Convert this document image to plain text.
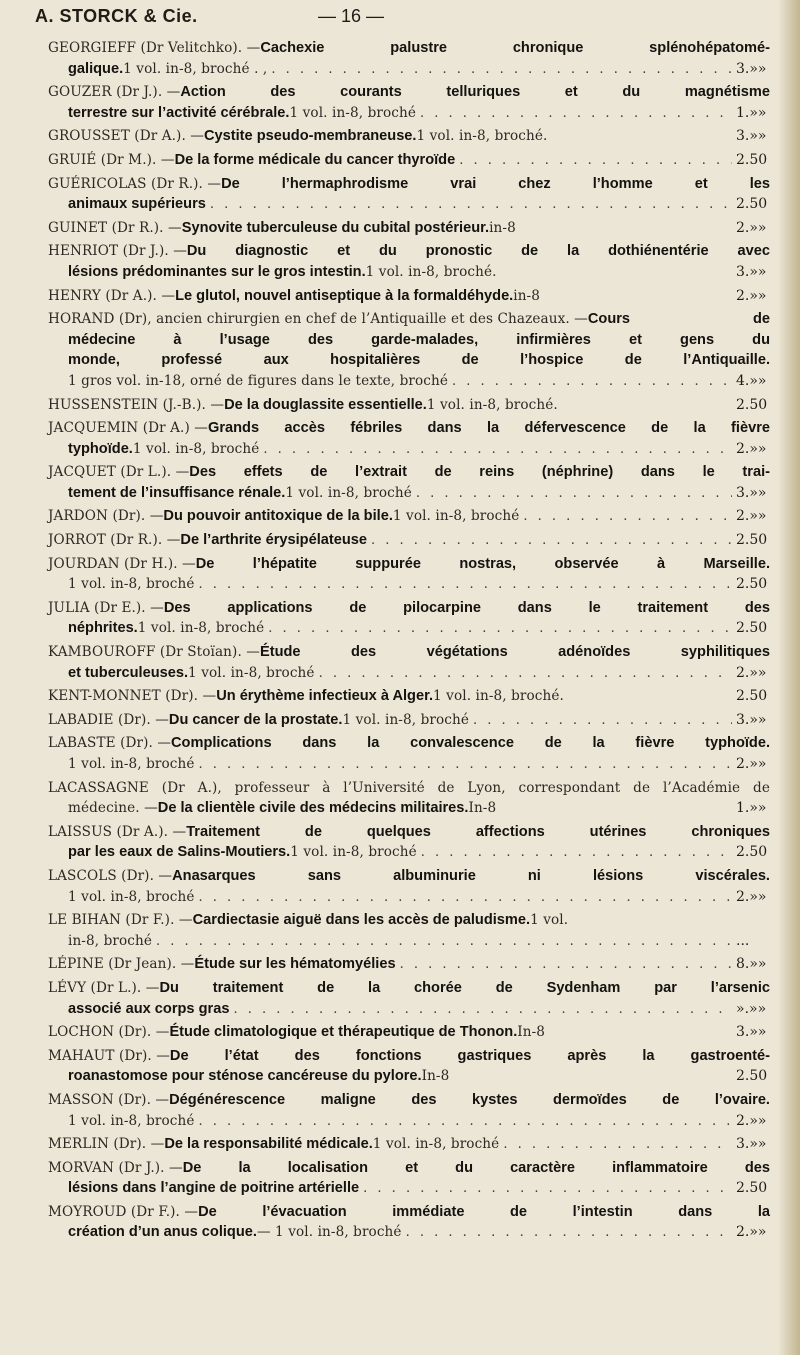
A. STORCK & Cie.	— 16 —
GEORGIEFF (Dr Velitchko). — Cachexie palustre chronique splénohépatomé-
galique. 1 vol. in-8, broché . , . . .	3.»»
GOUZER (Dr J.). — Action des courants telluriques et du magnétisme
terrestre sur l’activité cérébrale. 1 vol. in-8, broché . . .	1.»»
GROUSSET (Dr A.). — Cystite pseudo-membraneuse. 1 vol. in-8, broché.	3.»»
GRUIÉ (Dr M.). — De la forme médicale du cancer thyroïde . . .	2.50
GUÉRICOLAS (Dr R.). — De l’hermaphrodisme vrai chez l’homme et les
animaux supérieurs . . .	2.50
GUINET (Dr R.). — Synovite tuberculeuse du cubital postérieur. in-8	2.»»
HENRIOT (Dr J.). — Du diagnostic et du pronostic de la dothiénentérie avec
lésions prédominantes sur le gros intestin. 1 vol. in-8, broché.	3.»»
HENRY (Dr A.). — Le glutol, nouvel antiseptique à la formaldéhyde. in-8	2.»»
HORAND (Dr), ancien chirurgien en chef de l’Antiquaille et des Chazeaux. — Cours de
médecine à l’usage des garde-malades, infirmières et gens du
monde, professé aux hospitalières de l’hospice de l’Antiquaille.
1 gros vol. in-18, orné de figures dans le texte, broché . . .	4.»»
HUSSENSTEIN (J.-B.). — De la douglassite essentielle. 1 vol. in-8, broché.	2.50
JACQUEMIN (Dr A.) — Grands accès fébriles dans la défervescence de la fièvre
typhoïde. 1 vol. in-8, broché . . .	2.»»
JACQUET (Dr L.). — Des effets de l’extrait de reins (néphrine) dans le trai-
tement de l’insuffisance rénale. 1 vol. in-8, broché . . .	3.»»
JARDON (Dr). — Du pouvoir antitoxique de la bile. 1 vol. in-8, broché . . .	2.»»
JORROT (Dr R.). — De l’arthrite érysipélateuse . . .	2.50
JOURDAN (Dr H.). — De l’hépatite suppurée nostras, observée à Marseille.
1 vol. in-8, broché . . .	2.50
JULIA (Dr E.). — Des applications de pilocarpine dans le traitement des
néphrites. 1 vol. in-8, broché . . .	2.50
KAMBOUROFF (Dr Stoïan). — Étude des végétations adénoïdes syphilitiques
et tuberculeuses. 1 vol. in-8, broché . . .	2.»»
KENT-MONNET (Dr). — Un érythème infectieux à Alger. 1 vol. in-8, broché.	2.50
LABADIE (Dr). — Du cancer de la prostate. 1 vol. in-8, broché . . .	3.»»
LABASTE (Dr). — Complications dans la convalescence de la fièvre typhoïde.
1 vol. in-8, broché . . .	2.»»
LACASSAGNE (Dr A.), professeur à l’Université de Lyon, correspondant de l’Académie de
médecine. — De la clientèle civile des médecins militaires. In-8	1.»»
LAISSUS (Dr A.). — Traitement de quelques affections utérines chroniques
par les eaux de Salins-Moutiers. 1 vol. in-8, broché . . .	2.50
LASCOLS (Dr). — Anasarques sans albuminurie ni lésions viscérales.
1 vol. in-8, broché . . .	2.»»
LE BIHAN (Dr F.). — Cardiectasie aiguë dans les accès de paludisme. 1 vol.
in-8, broché . . .	...
LÉPINE (Dr Jean). — Étude sur les hématomyélies . . .	8.»»
LÉVY (Dr L.). — Du traitement de la chorée de Sydenham par l’arsenic
associé aux corps gras . . .	».»»
LOCHON (Dr). — Étude climatologique et thérapeutique de Thonon. In-8	3.»»
MAHAUT (Dr). — De l’état des fonctions gastriques après la gastroenté-
roanastomose pour sténose cancéreuse du pylore. In-8	2.50
MASSON (Dr). — Dégénérescence maligne des kystes dermoïdes de l’ovaire.
1 vol. in-8, broché . . .	2.»»
MERLIN (Dr). — De la responsabilité médicale. 1 vol. in-8, broché . . .	3.»»
MORVAN (Dr J.). — De la localisation et du caractère inflammatoire des
lésions dans l’angine de poitrine artérielle . . .	2.50
MOYROUD (Dr F.). — De l’évacuation immédiate de l’intestin dans la
création d’un anus colique. — 1 vol. in-8, broché . . .	2.»»
